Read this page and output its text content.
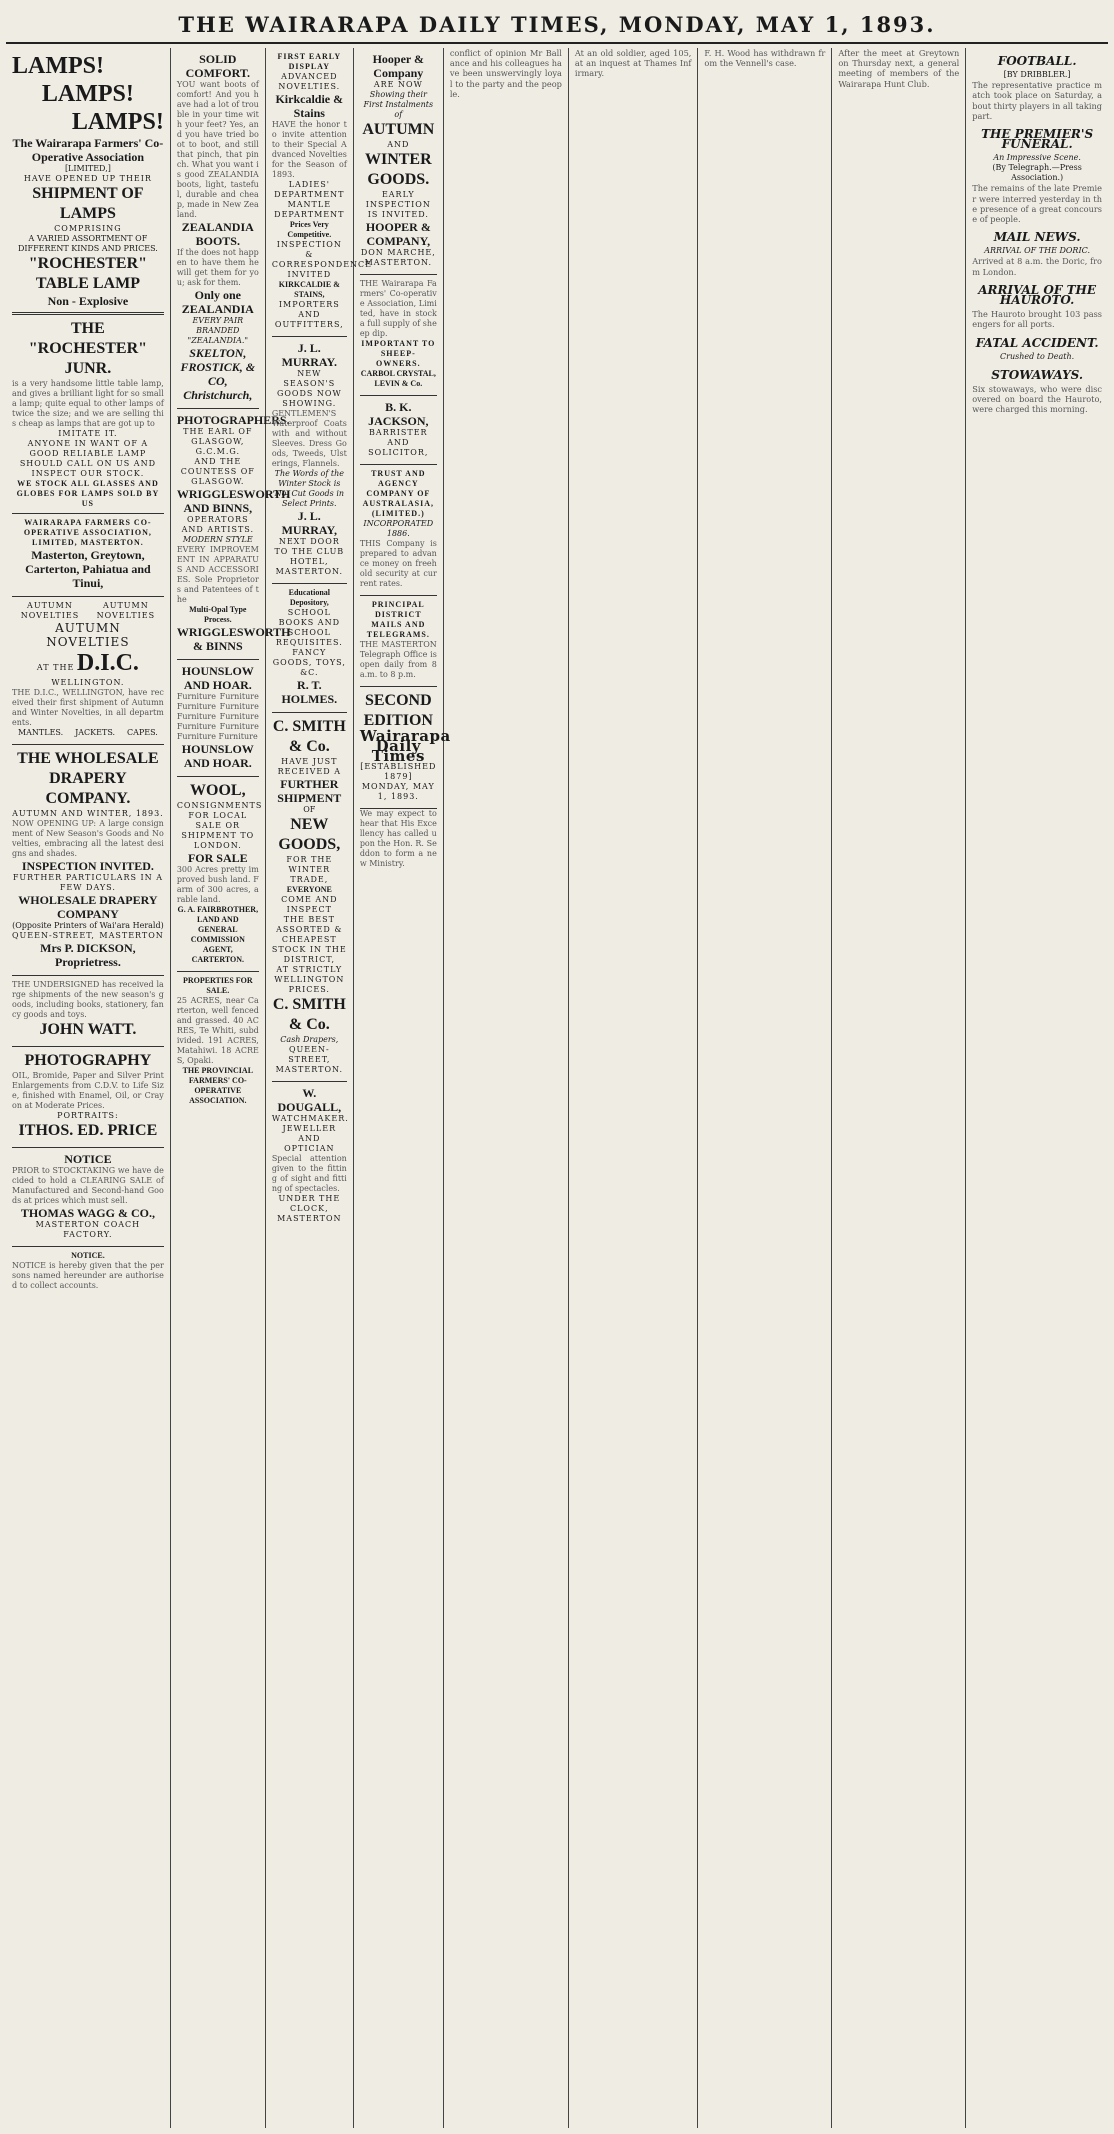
THE WAIRARAPA DAILY TIMES, MONDAY, MAY 1, 1893.
LAMPS!
LAMPS!
LAMPS!
The Wairarapa Farmers' Co-Operative Association
[LIMITED,]
HAVE OPENED UP THEIR
SHIPMENT OF LAMPS
COMPRISING
A VARIED ASSORTMENT OF DIFFERENT KINDS AND PRICES.
"ROCHESTER" TABLE LAMP
Non - Explosive
THE "ROCHESTER" JUNR.
is a very handsome little table lamp, and gives a brilliant light for so small a lamp; quite equal to other lamps of twice the size; and we are selling this cheap as lamps that are got up to
IMITATE IT.
ANYONE IN WANT OF A GOOD RELIABLE LAMP SHOULD CALL ON US AND INSPECT OUR STOCK.
WE STOCK ALL GLASSES AND GLOBES FOR LAMPS SOLD BY US
WAIRARAPA FARMERS CO-OPERATIVE ASSOCIATION, LIMITED, MASTERTON.
Masterton, Greytown, Carterton, Pahiatua and Tinui,
AUTUMN NOVELTIES
AUTUMN NOVELTIES
AUTUMN NOVELTIES
AT THE D.I.C. WELLINGTON.
THE D.I.C., WELLINGTON, have received their first shipment of Autumn and Winter Novelties, in all departments.
MANTLES. JACKETS. CAPES.
THE WHOLESALE DRAPERY COMPANY.
AUTUMN AND WINTER, 1893.
NOW OPENING UP: A large consignment of New Season's Goods and Novelties, embracing all the latest designs and shades.
INSPECTION INVITED.
FURTHER PARTICULARS IN A FEW DAYS.
WHOLESALE DRAPERY COMPANY
(Opposite Printers of Wai'ara Herald)
QUEEN-STREET, MASTERTON
Mrs P. DICKSON, Proprietress.
THE UNDERSIGNED has received large shipments of the new season's goods, including books, stationery, fancy goods and toys.
JOHN WATT.
PHOTOGRAPHY
OIL, Bromide, Paper and Silver Print Enlargements from C.D.V. to Life Size, finished with Enamel, Oil, or Crayon at Moderate Prices.
PORTRAITS:
ITHOS. ED. PRICE
NOTICE
PRIOR to STOCKTAKING we have decided to hold a CLEARING SALE of Manufactured and Second-hand Goods at prices which must sell.
THOMAS WAGG & CO.,
MASTERTON COACH FACTORY.
NOTICE.
NOTICE is hereby given that the persons named hereunder are authorised to collect accounts.
SOLID COMFORT.
YOU want boots of comfort! And you have had a lot of trouble in your time with your feet? Yes, and you have tried boot to boot, and still that pinch, that pinch. What you want is good ZEALANDIA boots, light, tasteful, durable and cheap, made in New Zealand.
ZEALANDIA BOOTS.
If the does not happen to have them he will get them for you; ask for them.
Only one ZEALANDIA
EVERY PAIR BRANDED "ZEALANDIA."
SKELTON, FROSTICK, & CO, Christchurch,
PHOTOGRAPHERS.
THE EARL OF GLASGOW, G.C.M.G.
AND THE COUNTESS OF GLASGOW.
WRIGGLESWORTH AND BINNS,
OPERATORS AND ARTISTS.
MODERN STYLE
EVERY IMPROVEMENT IN APPARATUS AND ACCESSORIES. Sole Proprietors and Patentees of the
Multi-Opal Type Process.
WRIGGLESWORTH & BINNS
HOUNSLOW AND HOAR.
Furniture Furniture Furniture Furniture Furniture Furniture Furniture Furniture Furniture Furniture
HOUNSLOW AND HOAR.
WOOL,
CONSIGNMENTS
FOR LOCAL SALE OR SHIPMENT TO LONDON.
FOR SALE
300 Acres pretty improved bush land. Farm of 300 acres, arable land.
G. A. FAIRBROTHER, LAND AND GENERAL COMMISSION AGENT, CARTERTON.
PROPERTIES FOR SALE.
25 ACRES, near Carterton, well fenced and grassed. 40 ACRES, Te Whiti, subdivided. 191 ACRES, Matahiwi. 18 ACRES, Opaki.
THE PROVINCIAL FARMERS' CO-OPERATIVE ASSOCIATION.
FIRST EARLY DISPLAY
ADVANCED NOVELTIES.
Kirkcaldie & Stains
HAVE the honor to invite attention to their Special Advanced Novelties for the Season of 1893.
LADIES' DEPARTMENT
MANTLE DEPARTMENT
Prices Very Competitive.
INSPECTION & CORRESPONDENCE INVITED
KIRKCALDIE & STAINS,
IMPORTERS AND OUTFITTERS,
J. L. MURRAY.
NEW SEASON'S GOODS NOW SHOWING.
GENTLEMEN'S Waterproof Coats with and without Sleeves. Dress Goods, Tweeds, Ulsterings, Flannels.
The Words of the Winter Stock is No, Cut Goods in Select Prints.
J. L. MURRAY,
NEXT DOOR TO THE CLUB HOTEL,
MASTERTON.
Educational Depository,
SCHOOL BOOKS AND SCHOOL REQUISITES.
FANCY GOODS, TOYS, &C.
R. T. HOLMES.
C. SMITH & Co.
HAVE JUST RECEIVED A
FURTHER SHIPMENT
OF
NEW GOODS,
FOR THE WINTER TRADE,
EVERYONE
COME AND INSPECT
THE BEST ASSORTED & CHEAPEST STOCK IN THE DISTRICT,
AT STRICTLY WELLINGTON PRICES.
C. SMITH & Co.
Cash Drapers,
QUEEN-STREET, MASTERTON.
W. DOUGALL,
WATCHMAKER.
JEWELLER AND OPTICIAN
Special attention given to the fitting of sight and fitting of spectacles.
UNDER THE CLOCK, MASTERTON
Hooper & Company
ARE NOW
Showing their First Instalments of
AUTUMN
AND
WINTER
GOODS.
EARLY INSPECTION IS INVITED.
HOOPER & COMPANY,
DON MARCHE,
MASTERTON.
THE Wairarapa Farmers' Co-operative Association, Limited, have in stock a full supply of sheep dip.
IMPORTANT TO SHEEP-OWNERS.
CARBOL CRYSTAL,
LEVIN & Co.
B. K. JACKSON,
BARRISTER AND SOLICITOR,
TRUST AND AGENCY COMPANY OF AUSTRALASIA, (LIMITED.)
INCORPORATED 1886.
THIS Company is prepared to advance money on freehold security at current rates.
PRINCIPAL DISTRICT MAILS AND TELEGRAMS.
THE MASTERTON Telegraph Office is open daily from 8 a.m. to 8 p.m.
SECOND EDITION
Wairarapa Daily Times
[ESTABLISHED 1879]
MONDAY, MAY 1, 1893.
We may expect to hear that His Excellency has called upon the Hon. R. Seddon to form a new Ministry.
conflict of opinion Mr Ballance and his colleagues have been unswervingly loyal to the party and the people.
At an old soldier, aged 105, at an inquest at Thames Infirmary.
F. H. Wood has withdrawn from the Vennell's case.
After the meet at Greytown on Thursday next, a general meeting of members of the Wairarapa Hunt Club.
FOOTBALL.
[BY DRIBBLER.]
The representative practice match took place on Saturday, about thirty players in all taking part.
THE PREMIER'S FUNERAL.
An Impressive Scene.
(By Telegraph.—Press Association.)
The remains of the late Premier were interred yesterday in the presence of a great concourse of people.
MAIL NEWS.
ARRIVAL OF THE DORIC.
Arrived at 8 a.m. the Doric, from London.
ARRIVAL OF THE HAUROTO.
The Hauroto brought 103 passengers for all ports.
FATAL ACCIDENT.
Crushed to Death.
STOWAWAYS.
Six stowaways, who were discovered on board the Hauroto, were charged this morning.
